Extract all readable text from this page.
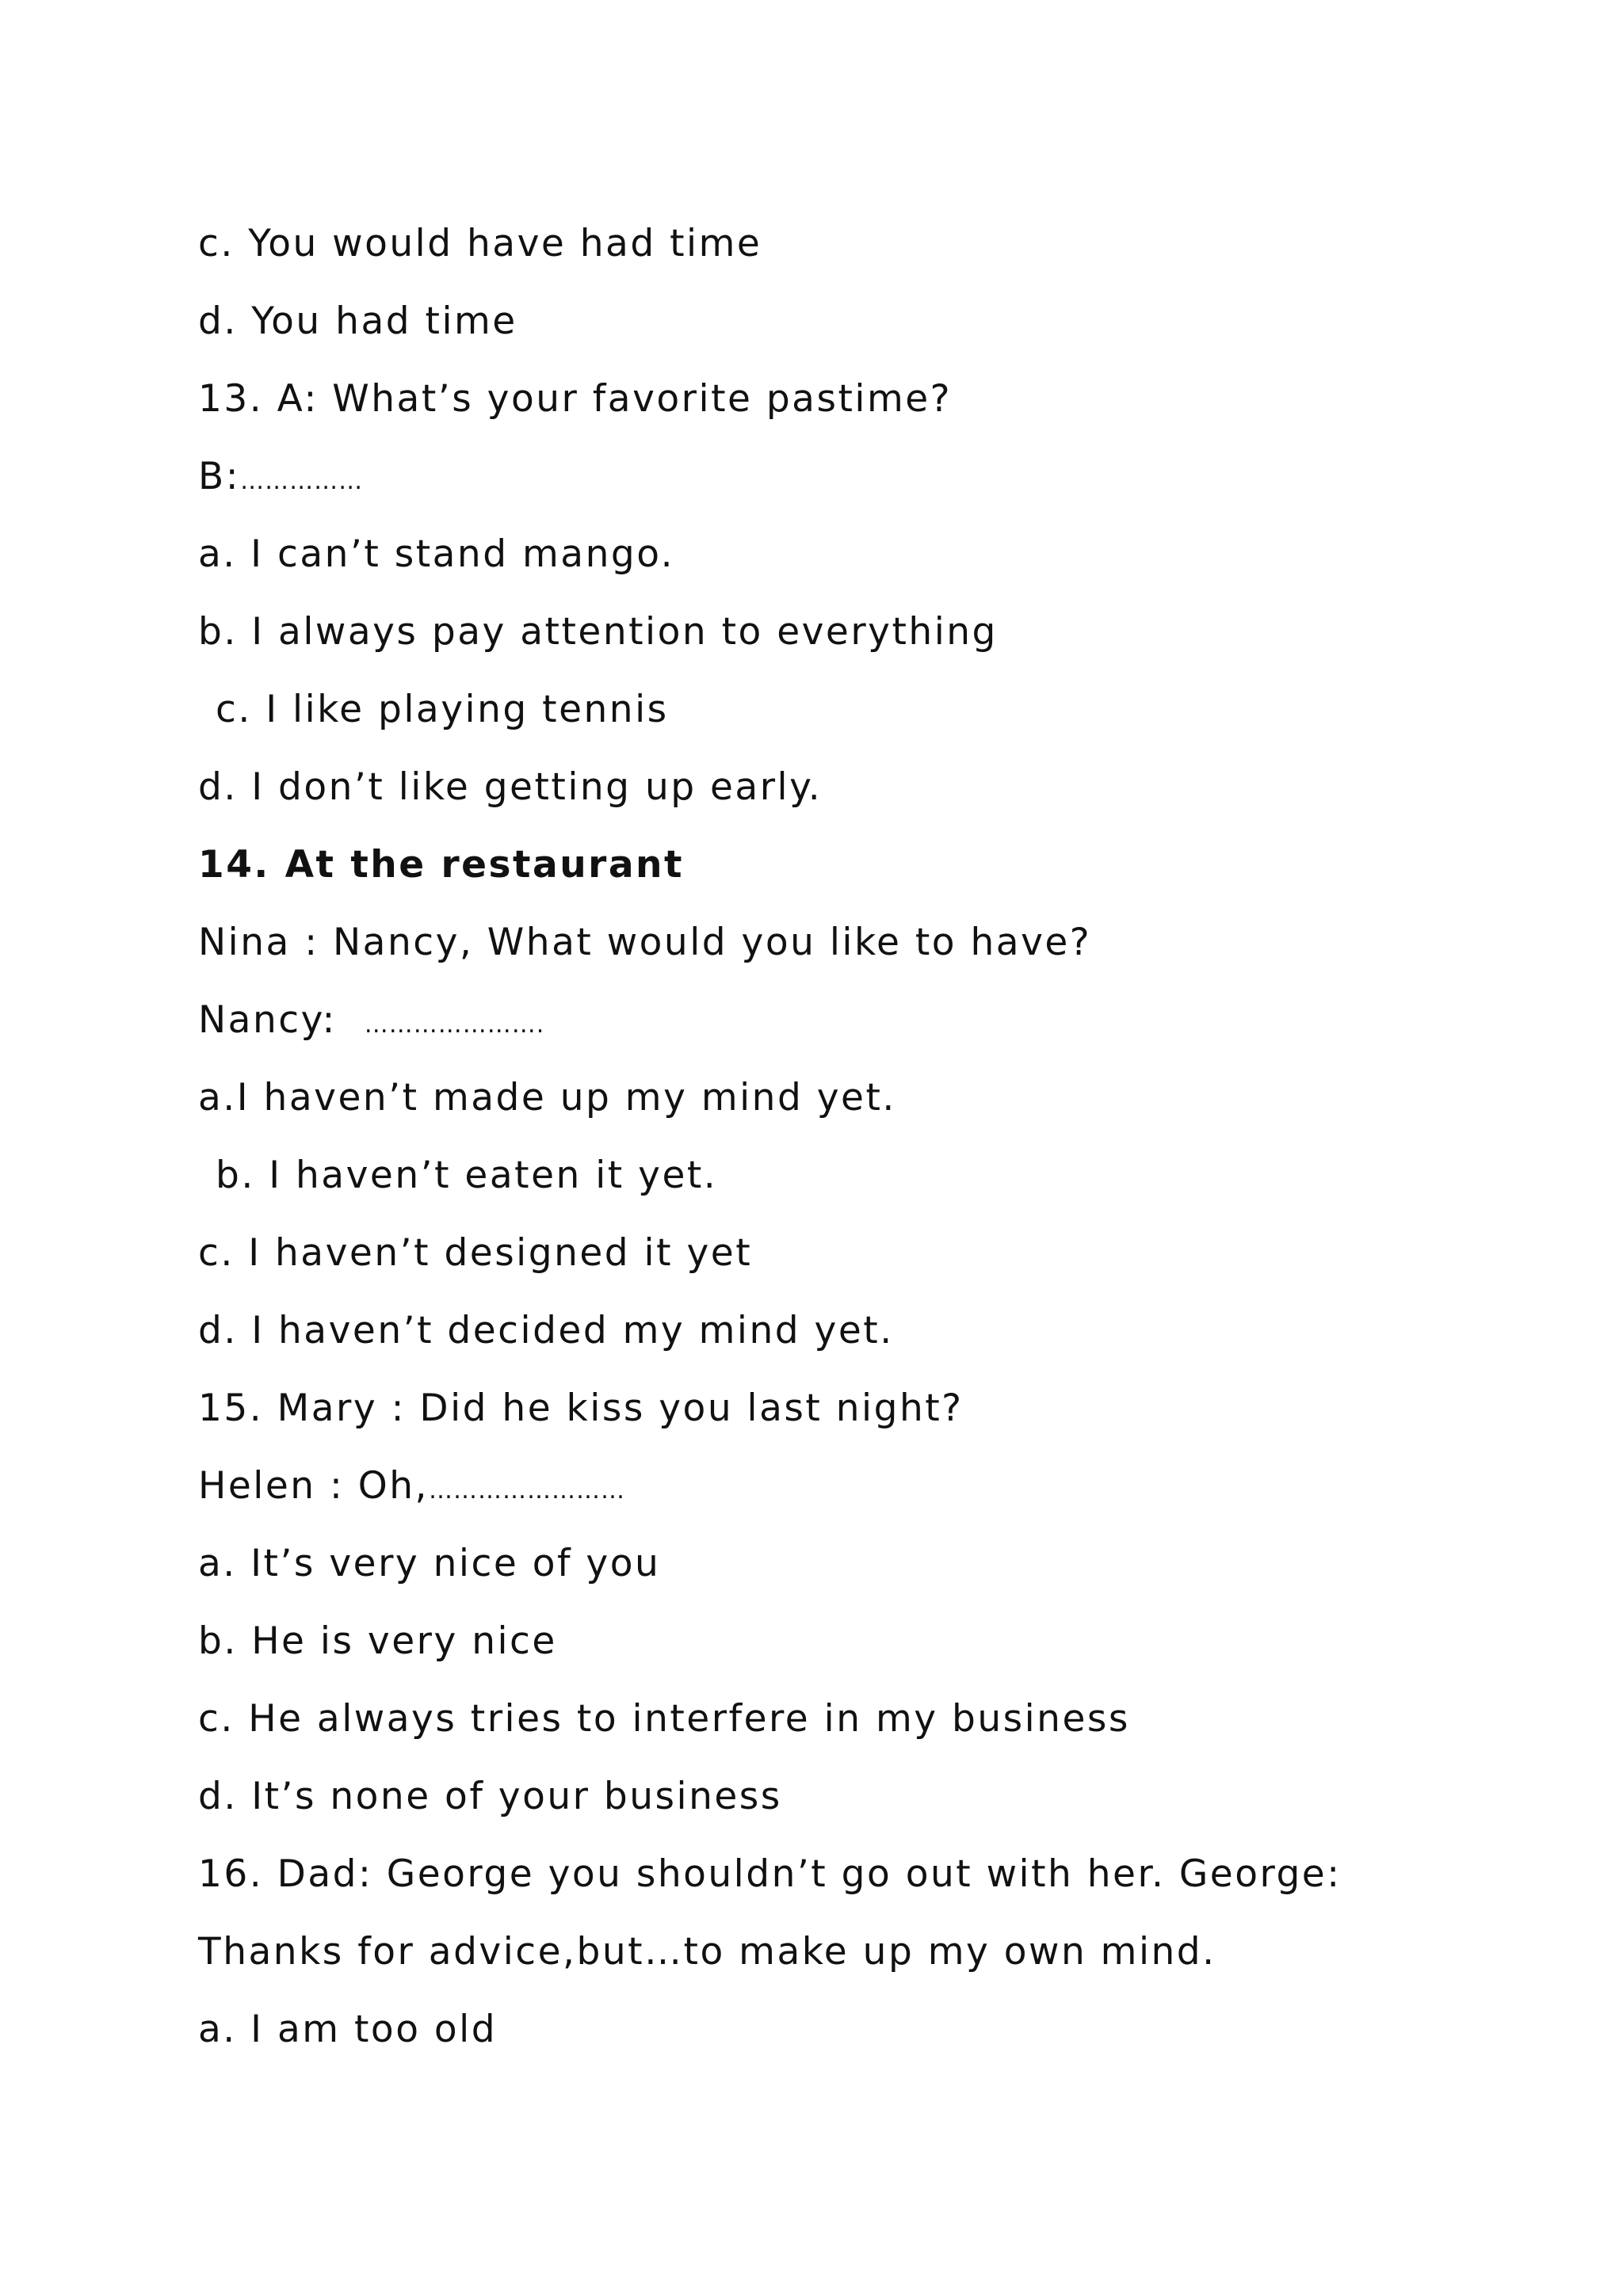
c. You would have had time
d. You had time
13. A: What’s your favorite pastime?
B:……………
a. I can’t stand mango.
b. I always pay attention to everything
c. I like playing tennis
d. I don’t like getting up early.
14. At the restaurant
Nina : Nancy, What would you like to have?
Nancy: ………………….
a.I haven’t made up my mind yet.
b. I haven’t eaten it yet.
c. I haven’t designed it yet
d. I haven’t decided my mind yet.
15. Mary : Did he kiss you last night?
Helen : Oh,……………………
a. It’s very nice of you
b. He is very nice
c. He always tries to interfere in my business
d. It’s none of your business
16. Dad: George you shouldn’t go out with her. George:
Thanks for advice,but…to make up my own mind.
a. I am too old
